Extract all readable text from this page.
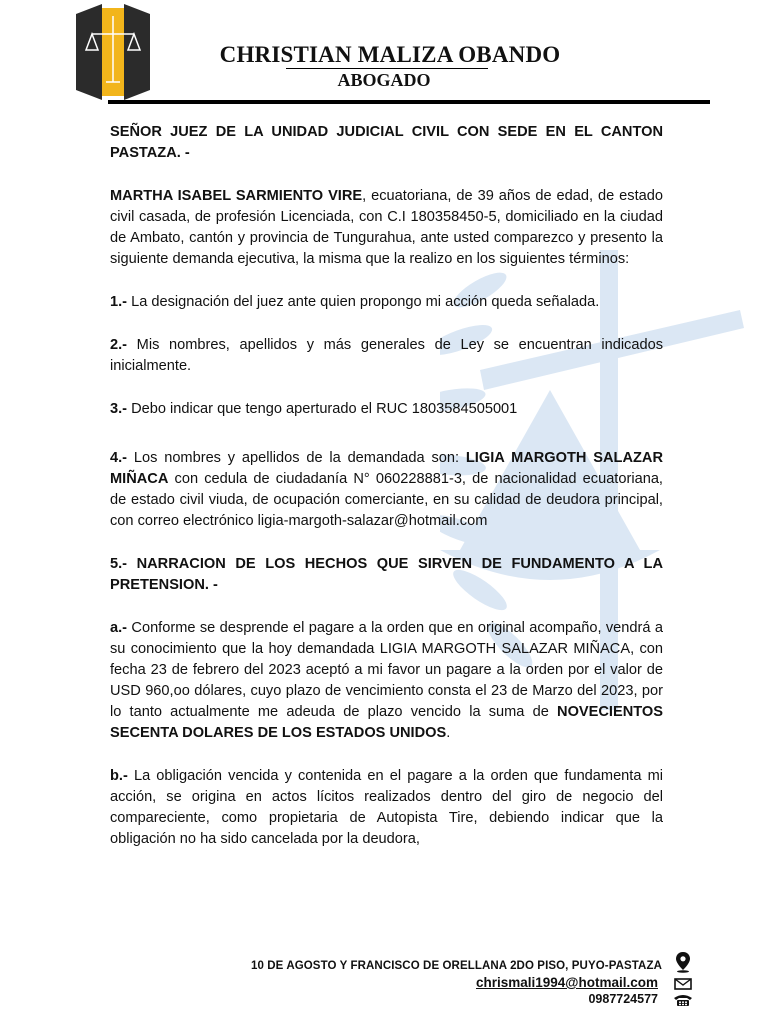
CHRISTIAN MALIZA OBANDO
ABOGADO

SEÑOR JUEZ DE LA UNIDAD JUDICIAL CIVIL CON SEDE EN EL CANTON PASTAZA. -

MARTHA ISABEL SARMIENTO VIRE, ecuatoriana, de 39 años de edad, de estado civil casada, de profesión Licenciada, con C.I 180358450-5, domiciliado en la ciudad de Ambato, cantón y provincia de Tungurahua, ante usted comparezco y presento la siguiente demanda ejecutiva, la misma que la realizo en los siguientes términos:

1.- La designación del juez ante quien propongo mi acción queda señalada.

2.- Mis nombres, apellidos y más generales de Ley se encuentran indicados inicialmente.

3.- Debo indicar que tengo aperturado el RUC 1803584505001

4.- Los nombres y apellidos de la demandada son: LIGIA MARGOTH SALAZAR MIÑACA con cedula de ciudadanía N° 060228881-3, de nacionalidad ecuatoriana, de estado civil viuda, de ocupación comerciante, en su calidad de deudora principal, con correo electrónico ligia-margoth-salazar@hotmail.com

5.- NARRACION DE LOS HECHOS QUE SIRVEN DE FUNDAMENTO A LA PRETENSION. -

a.- Conforme se desprende el pagare a la orden que en original acompaño, vendrá a su conocimiento que la hoy demandada LIGIA MARGOTH SALAZAR MIÑACA, con fecha 23 de febrero del 2023 aceptó a mi favor un pagare a la orden por el valor de USD 960,oo dólares, cuyo plazo de vencimiento consta el 23 de Marzo del 2023, por lo tanto actualmente me adeuda de plazo vencido la suma de NOVECIENTOS SECENTA DOLARES DE LOS ESTADOS UNIDOS.

b.- La obligación vencida y contenida en el pagare a la orden que fundamenta mi acción, se origina en actos lícitos realizados dentro del giro de negocio del compareciente, como propietaria de Autopista Tire, debiendo indicar que la obligación no ha sido cancelada por la deudora,

10 DE AGOSTO Y FRANCISCO DE ORELLANA 2DO PISO, PUYO-PASTAZA
chrismali1994@hotmail.com
0987724577
